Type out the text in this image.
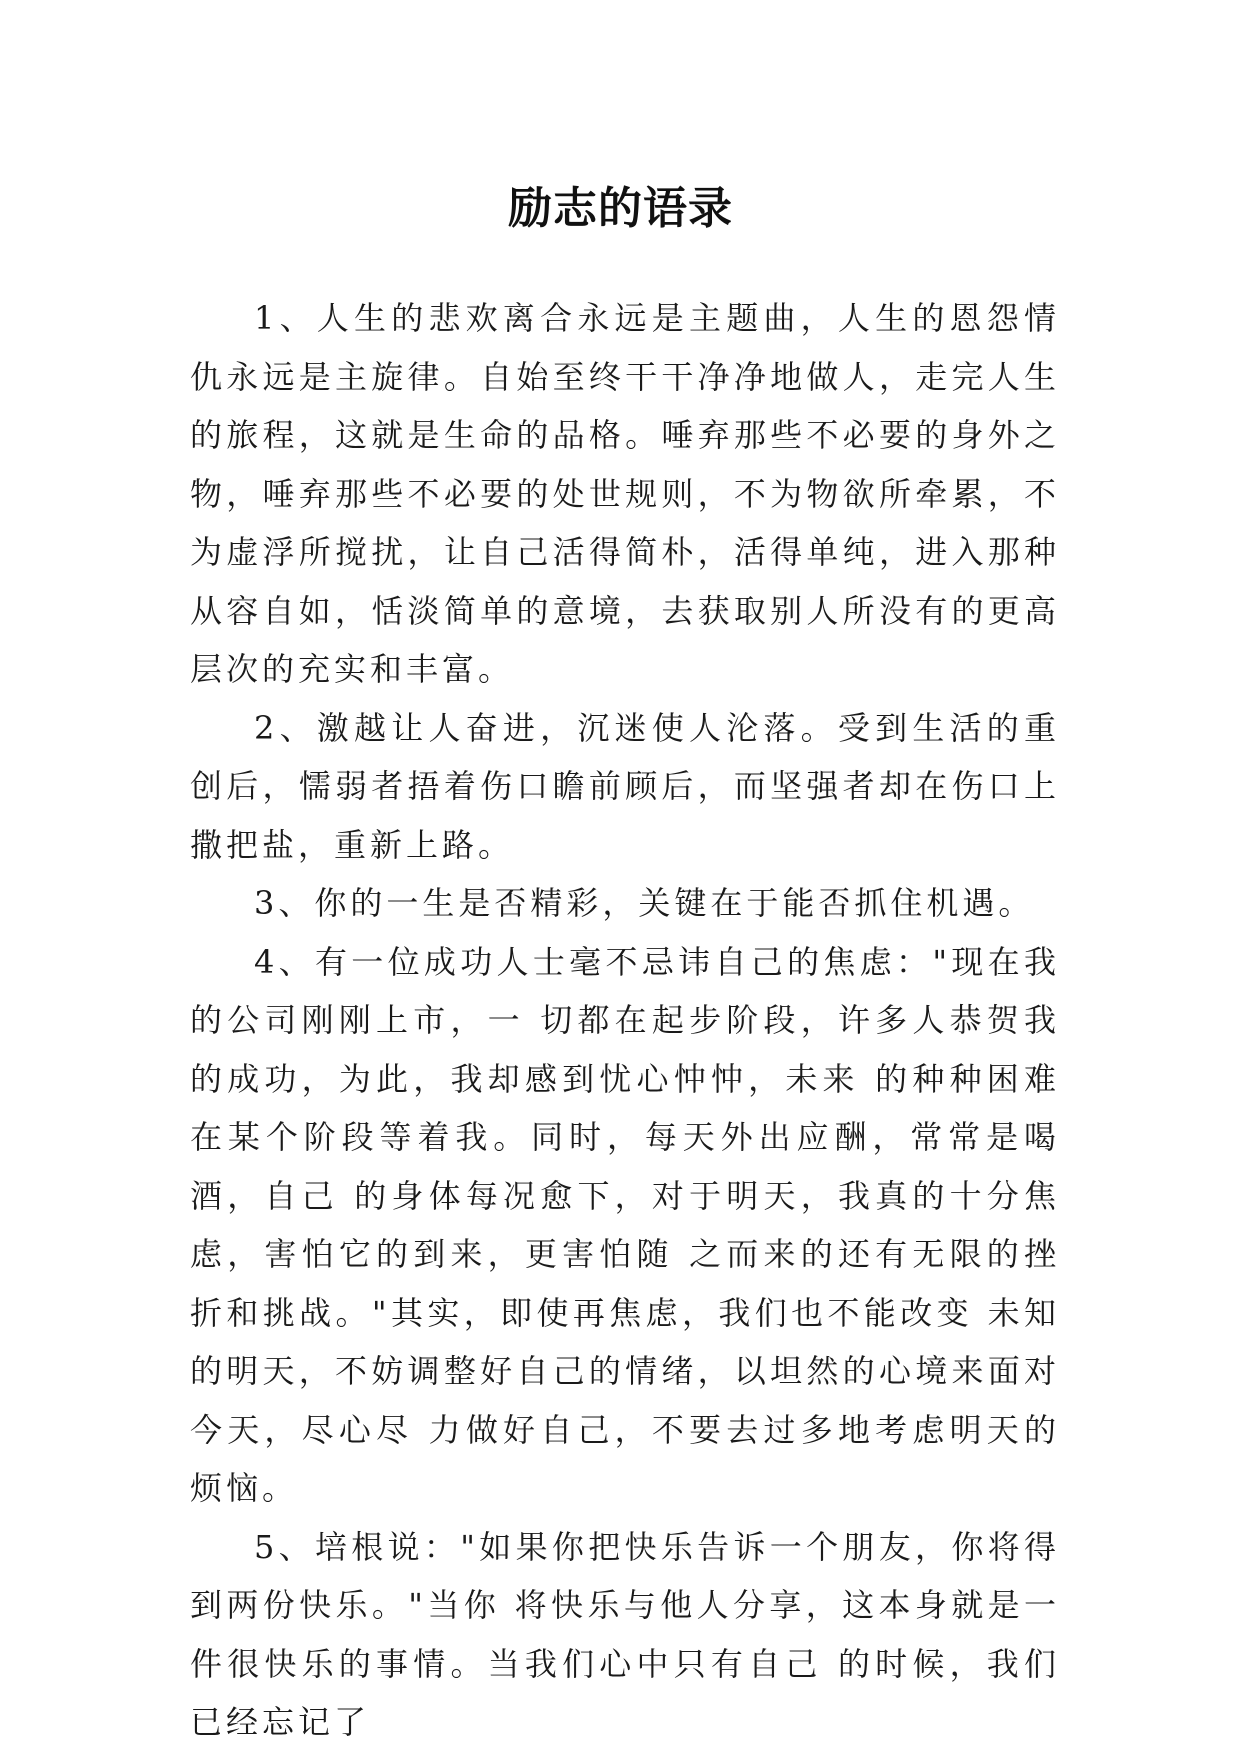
励志的语录

1、人生的悲欢离合永远是主题曲，人生的恩怨情仇永远是主旋律。自始至终干干净净地做人，走完人生的旅程，这就是生命的品格。唾弃那些不必要的身外之物，唾弃那些不必要的处世规则，不为物欲所牵累，不为虚浮所搅扰，让自己活得简朴，活得单纯，进入那种从容自如，恬淡简单的意境，去获取别人所没有的更高层次的充实和丰富。

2、激越让人奋进，沉迷使人沦落。受到生活的重创后，懦弱者捂着伤口瞻前顾后，而坚强者却在伤口上撒把盐，重新上路。

3、你的一生是否精彩，关键在于能否抓住机遇。

4、有一位成功人士毫不忌讳自己的焦虑："现在我的公司刚刚上市，一 切都在起步阶段，许多人恭贺我的成功，为此，我却感到忧心忡忡，未来 的种种困难在某个阶段等着我。同时，每天外出应酬，常常是喝酒，自己 的身体每况愈下，对于明天，我真的十分焦虑，害怕它的到来，更害怕随 之而来的还有无限的挫折和挑战。"其实，即使再焦虑，我们也不能改变 未知的明天，不妨调整好自己的情绪，以坦然的心境来面对今天，尽心尽 力做好自己，不要去过多地考虑明天的烦恼。

5、培根说："如果你把快乐告诉一个朋友，你将得到两份快乐。"当你 将快乐与他人分享，这本身就是一件很快乐的事情。当我们心中只有自己 的时候，我们已经忘记了
